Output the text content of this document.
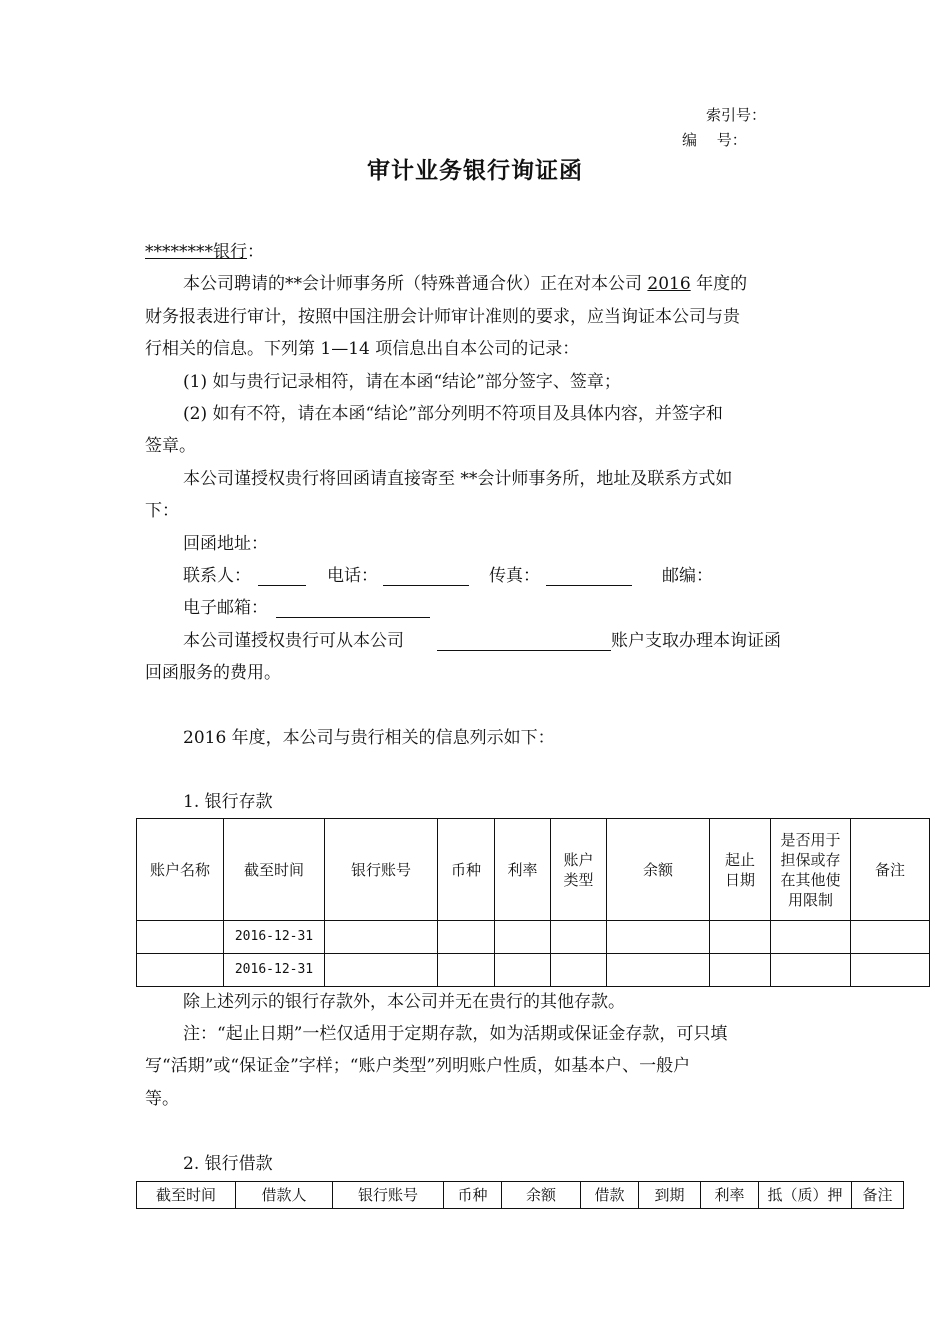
索引号：
编　 号：
审计业务银行询证函
********银行：
本公司聘请的**会计师事务所（特殊普通合伙）正在对本公司 2016 年度的
财务报表进行审计，按照中国注册会计师审计准则的要求，应当询证本公司与贵
行相关的信息。下列第 1—14 项信息出自本公司的记录：
(1) 如与贵行记录相符，请在本函“结论”部分签字、签章；
(2) 如有不符，请在本函“结论”部分列明不符项目及具体内容，并签字和
签章。
本公司谨授权贵行将回函请直接寄至 **会计师事务所，地址及联系方式如
下：
回函地址：
联系人：	电话：	传真：	邮编：
电子邮箱：
本公司谨授权贵行可从本公司	账户支取办理本询证函
回函服务的费用。
2016 年度，本公司与贵行相关的信息列示如下：
1. 银行存款
账户名称	截至时间	银行账号	币种	利率	账户类型	余额	起止日期	是否用于担保或存在其他使用限制	备注
	2016-12-31								
	2016-12-31								
除上述列示的银行存款外，本公司并无在贵行的其他存款。
注：“起止日期”一栏仅适用于定期存款，如为活期或保证金存款，可只填
写“活期”或“保证金”字样；“账户类型”列明账户性质，如基本户、一般户
等。
2. 银行借款
截至时间	借款人	银行账号	币种	余额	借款	到期	利率	抵（质）押	备注
